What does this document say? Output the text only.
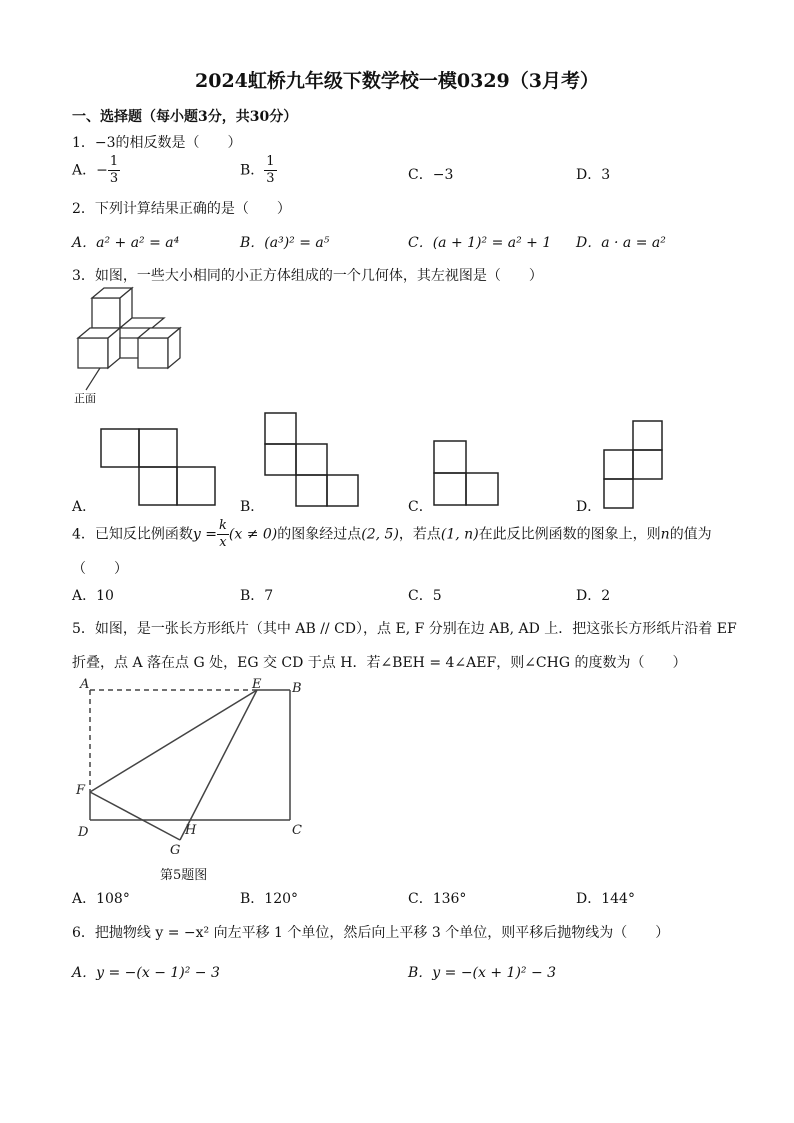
2024虹桥九年级下数学校一模0329（3月考）
一、选择题（每小题3分，共30分）
1．−3的相反数是（　　）
A．− $\frac{1}{3}$	B． $\frac{1}{3}$	C．−3	D．3
2．下列计算结果正确的是（　　）
A．a² + a² = a⁴	B．(a³)² = a⁵	C．(a + 1)² = a² + 1 D．a · a = a²
3．如图，一些大小相同的小正方体组成的一个几何体，其左视图是（　　）
正面
A．	B．	C．	D．
4．已知反比例函数$y = \frac{k}{x} (x \ne 0)$的图象经过点(2, 5)，若点(1, n)在此反比例函数的图象上，则n的值为
（　　）
A．10	B．7	C．5	D．2
5．如图，是一张长方形纸片（其中 AB // CD），点 E, F 分别在边 AB, AD 上．把这张长方形纸片沿着 EF
折叠，点 A 落在点 G 处，EG 交 CD 于点 H．若∠BEH = 4∠AEF，则∠CHG 的度数为（　　）
A	E B
F
D	H
G
C
第5题图
A．108°	B．120°	C．136°	D．144°
6．把抛物线 y = −x² 向左平移 1 个单位，然后向上平移 3 个单位，则平移后抛物线为（　　）
A．y = −(x − 1)² − 3	B．y = −(x + 1)² − 3
